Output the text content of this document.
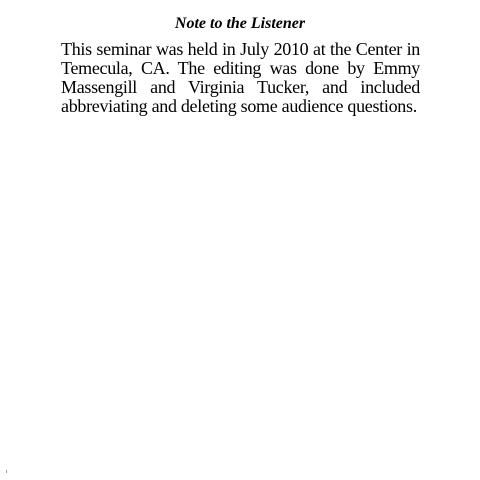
Note to the Listener

This seminar was held in July 2010 at the Center in Temecula, CA. The editing was done by Emmy Massengill and Virginia Tucker, and included abbreviating and deleting some audience questions.
